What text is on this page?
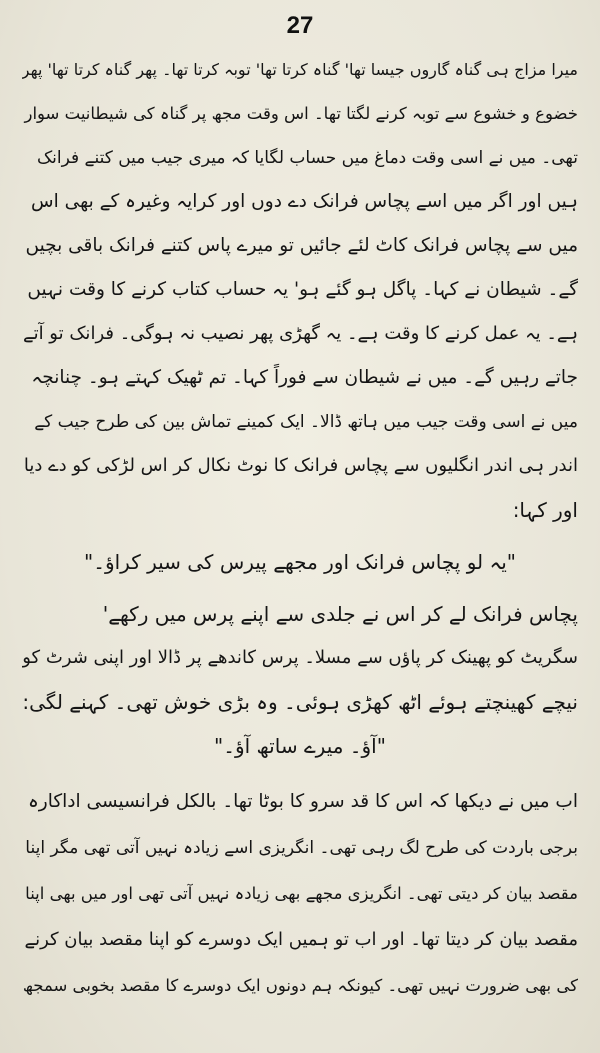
27
میرا مزاج ہی گناہ گاروں جیسا تھا' گناہ کرتا تھا' توبہ کرتا تھا۔ پھر گناہ کرتا تھا' پھر
خضوع و خشوع سے توبہ کرنے لگتا تھا۔ اس وقت مجھ پر گناہ کی شیطانیت سوار
تھی۔ میں نے اسی وقت دماغ میں حساب لگایا کہ میری جیب میں کتنے فرانک
ہیں اور اگر میں اسے پچاس فرانک دے دوں اور کرایہ وغیرہ کے بھی اس
میں سے پچاس فرانک کاٹ لئے جائیں تو میرے پاس کتنے فرانک باقی بچیں
گے۔ شیطان نے کہا۔ پاگل ہو گئے ہو' یہ حساب کتاب کرنے کا وقت نہیں
ہے۔ یہ عمل کرنے کا وقت ہے۔ یہ گھڑی پھر نصیب نہ ہوگی۔ فرانک تو آتے
جاتے رہیں گے۔ میں نے شیطان سے فوراً کہا۔ تم ٹھیک کہتے ہو۔ چنانچہ
میں نے اسی وقت جیب میں ہاتھ ڈالا۔ ایک کمینے تماش بین کی طرح جیب کے
اندر ہی اندر انگلیوں سے پچاس فرانک کا نوٹ نکال کر اس لڑکی کو دے دیا
اور کہا:
"یہ لو پچاس فرانک اور مجھے پیرس کی سیر کراؤ۔"
پچاس فرانک لے کر اس نے جلدی سے اپنے پرس میں رکھے'
سگریٹ کو پھینک کر پاؤں سے مسلا۔ پرس کاندھے پر ڈالا اور اپنی شرٹ کو
نیچے کھینچتے ہوئے اٹھ کھڑی ہوئی۔ وہ بڑی خوش تھی۔ کہنے لگی:
"آؤ۔ میرے ساتھ آؤ۔"
اب میں نے دیکھا کہ اس کا قد سرو کا بوٹا تھا۔ بالکل فرانسیسی اداکارہ
برجی باردت کی طرح لگ رہی تھی۔ انگریزی اسے زیادہ نہیں آتی تھی مگر اپنا
مقصد بیان کر دیتی تھی۔ انگریزی مجھے بھی زیادہ نہیں آتی تھی اور میں بھی اپنا
مقصد بیان کر دیتا تھا۔ اور اب تو ہمیں ایک دوسرے کو اپنا مقصد بیان کرنے
کی بھی ضرورت نہیں تھی۔ کیونکہ ہم دونوں ایک دوسرے کا مقصد بخوبی سمجھ
